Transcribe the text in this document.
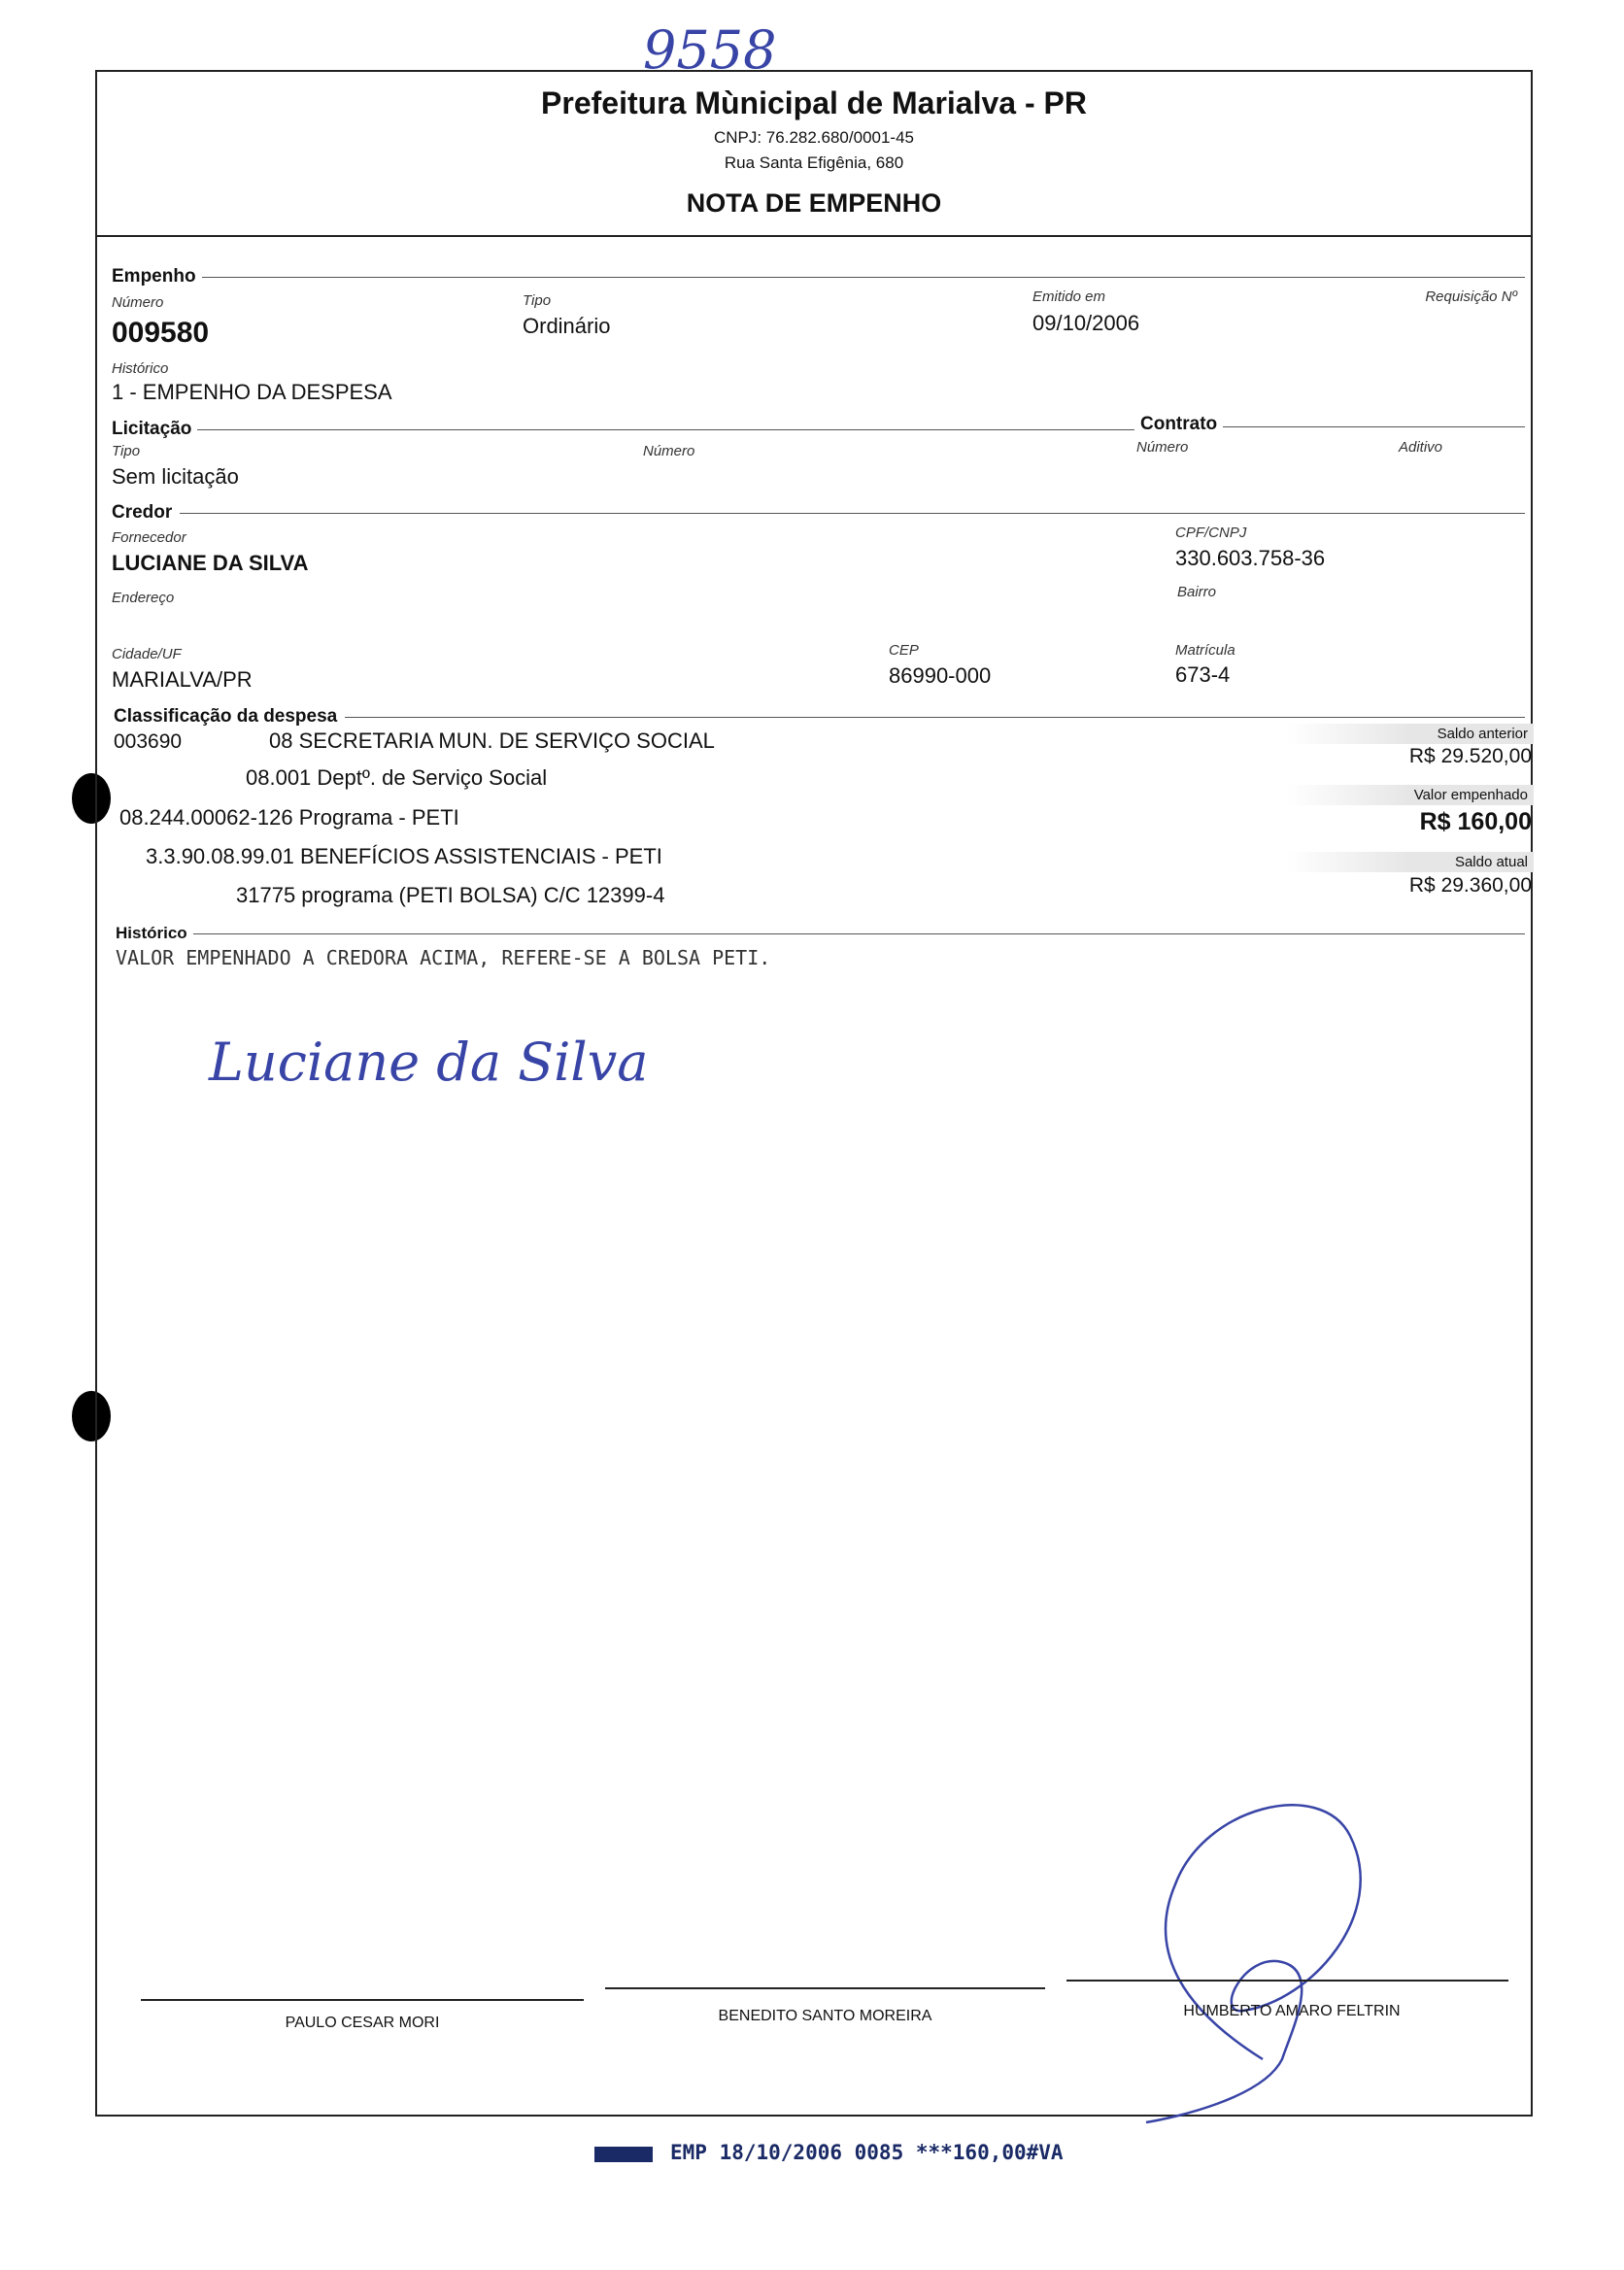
9558
Prefeitura Mùnicipal de Marialva - PR
CNPJ: 76.282.680/0001-45
Rua Santa Efigênia, 680
NOTA DE EMPENHO
Empenho
Número
009580
Tipo
Ordinário
Emitido em
09/10/2006
Requisição Nº
Histórico
1 - EMPENHO DA DESPESA
Licitação	Contrato
Tipo
Sem licitação
Número	Número	Aditivo
Credor
Fornecedor
LUCIANE DA SILVA
CPF/CNPJ
330.603.758-36
Endereço	Bairro
Cidade/UF
MARIALVA/PR
CEP
86990-000
Matrícula
673-4
Classificação da despesa
003690	08 SECRETARIA MUN. DE SERVIÇO SOCIAL
08.001 Deptº. de Serviço Social
08.244.00062-126 Programa - PETI
3.3.90.08.99.01 BENEFÍCIOS ASSISTENCIAIS - PETI
31775 programa (PETI BOLSA) C/C 12399-4
Saldo anterior
R$ 29.520,00
Valor empenhado
R$ 160,00
Saldo atual
R$ 29.360,00
Histórico
VALOR EMPENHADO A CREDORA ACIMA, REFERE-SE A BOLSA PETI.
Luciane da Silva
PAULO CESAR MORI	BENEDITO SANTO MOREIRA	HUMBERTO AMARO FELTRIN
EMP 18/10/2006 0085 ***160,00#VA
